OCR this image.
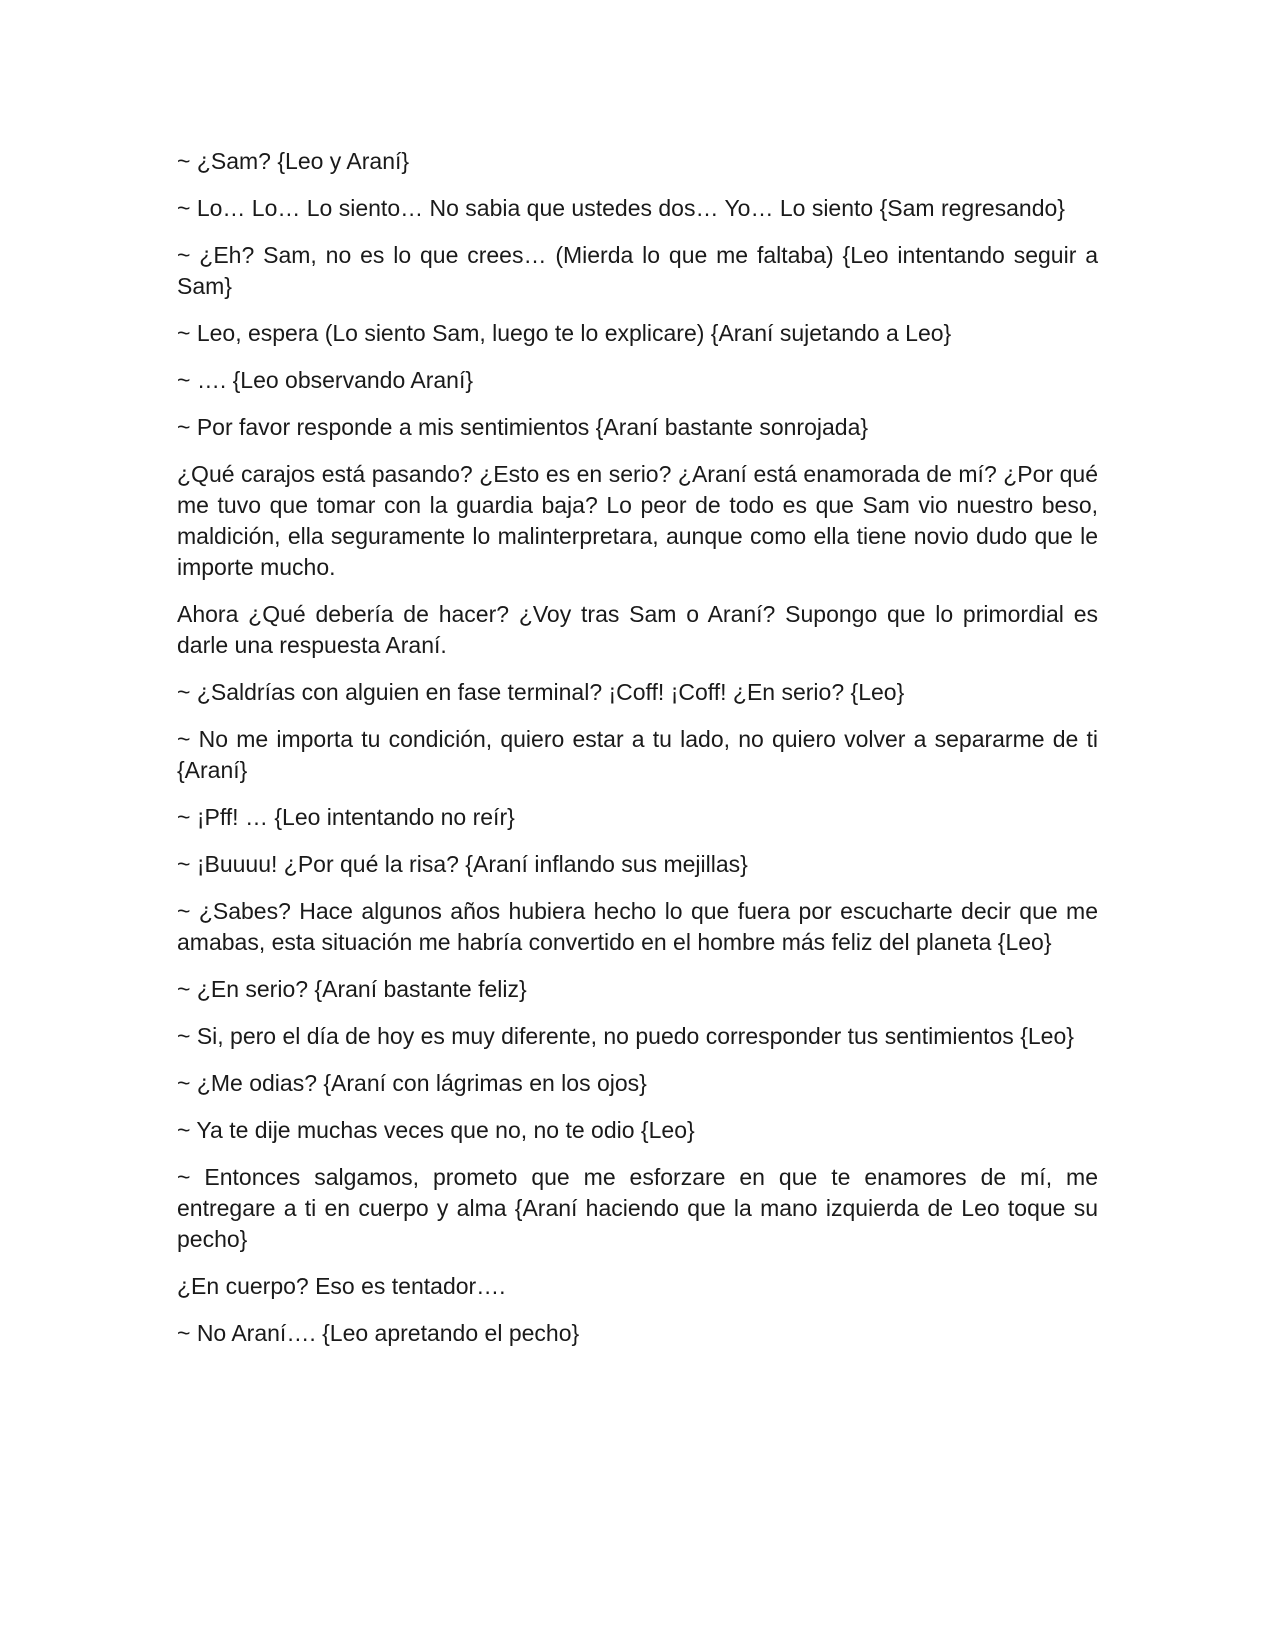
~ ¿Sam? {Leo y Araní}

~ Lo… Lo… Lo siento… No sabia que ustedes dos… Yo… Lo siento {Sam regresando}

~ ¿Eh? Sam, no es lo que crees… (Mierda lo que me faltaba) {Leo intentando seguir a Sam}

~ Leo, espera (Lo siento Sam, luego te lo explicare) {Araní sujetando a Leo}

~ …. {Leo observando Araní}

~ Por favor responde a mis sentimientos {Araní bastante sonrojada}

¿Qué carajos está pasando? ¿Esto es en serio? ¿Araní está enamorada de mí? ¿Por qué me tuvo que tomar con la guardia baja? Lo peor de todo es que Sam vio nuestro beso, maldición, ella seguramente lo malinterpretara, aunque como ella tiene novio dudo que le importe mucho.

Ahora ¿Qué debería de hacer? ¿Voy tras Sam o Araní? Supongo que lo primordial es darle una respuesta Araní.

~ ¿Saldrías con alguien en fase terminal? ¡Coff! ¡Coff! ¿En serio? {Leo}

~ No me importa tu condición, quiero estar a tu lado, no quiero volver a separarme de ti {Araní}

~ ¡Pff! … {Leo intentando no reír}

~ ¡Buuuu! ¿Por qué la risa? {Araní inflando sus mejillas}

~ ¿Sabes? Hace algunos años hubiera hecho lo que fuera por escucharte decir que me amabas, esta situación me habría convertido en el hombre más feliz del planeta {Leo}

~ ¿En serio? {Araní bastante feliz}

~ Si, pero el día de hoy es muy diferente, no puedo corresponder tus sentimientos {Leo}

~ ¿Me odias? {Araní con lágrimas en los ojos}

~ Ya te dije muchas veces que no, no te odio {Leo}

~ Entonces salgamos, prometo que me esforzare en que te enamores de mí, me entregare a ti en cuerpo y alma {Araní haciendo que la mano izquierda de Leo toque su pecho}

¿En cuerpo? Eso es tentador….

~ No Araní…. {Leo apretando el pecho}
